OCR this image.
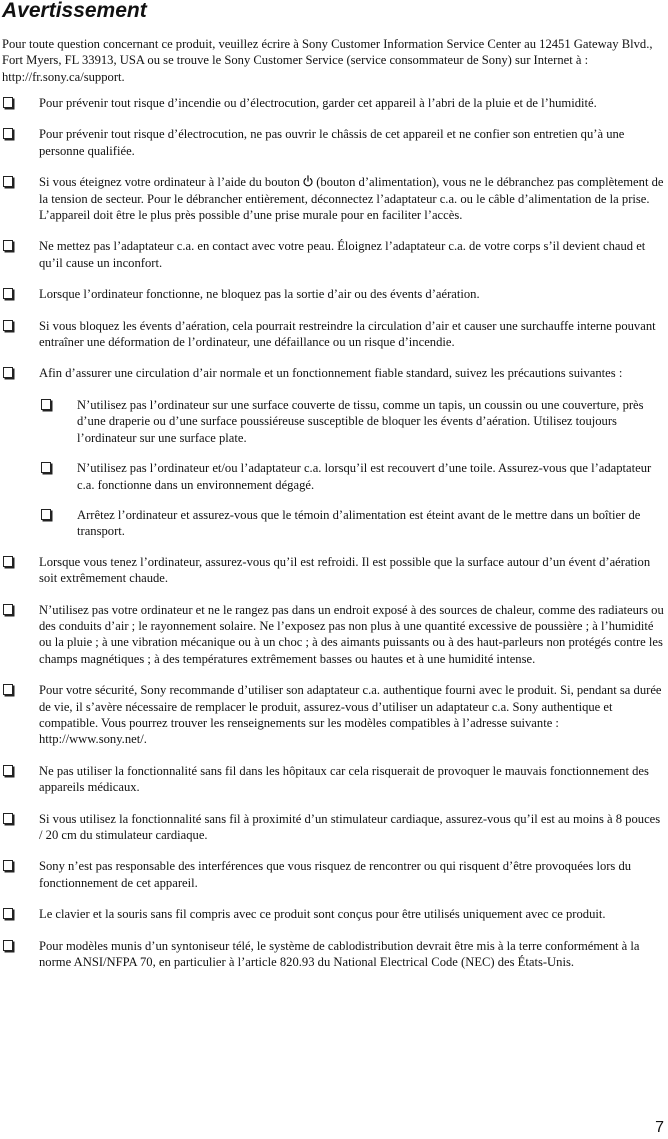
Avertissement

Pour toute question concernant ce produit, veuillez écrire à Sony Customer Information Service Center au 12451 Gateway Blvd., Fort Myers, FL 33913, USA ou se trouve le Sony Customer Service (service consommateur de Sony) sur Internet à : http://fr.sony.ca/support.

Pour prévenir tout risque d’incendie ou d’électrocution, garder cet appareil à l’abri de la pluie et de l’humidité.
Pour prévenir tout risque d’électrocution, ne pas ouvrir le châssis de cet appareil et ne confier son entretien qu’à une personne qualifiée.
Si vous éteignez votre ordinateur à l’aide du bouton (bouton d’alimentation), vous ne le débranchez pas complètement de la tension de secteur. Pour le débrancher entièrement, déconnectez l’adaptateur c.a. ou le câble d’alimentation de la prise. L’appareil doit être le plus près possible d’une prise murale pour en faciliter l’accès.
Ne mettez pas l’adaptateur c.a. en contact avec votre peau. Éloignez l’adaptateur c.a. de votre corps s’il devient chaud et qu’il cause un inconfort.
Lorsque l’ordinateur fonctionne, ne bloquez pas la sortie d’air ou des évents d’aération.
Si vous bloquez les évents d’aération, cela pourrait restreindre la circulation d’air et causer une surchauffe interne pouvant entraîner une déformation de l’ordinateur, une défaillance ou un risque d’incendie.
Afin d’assurer une circulation d’air normale et un fonctionnement fiable standard, suivez les précautions suivantes :
N’utilisez pas l’ordinateur sur une surface couverte de tissu, comme un tapis, un coussin ou une couverture, près d’une draperie ou d’une surface poussiéreuse susceptible de bloquer les évents d’aération. Utilisez toujours l’ordinateur sur une surface plate.
N’utilisez pas l’ordinateur et/ou l’adaptateur c.a. lorsqu’il est recouvert d’une toile. Assurez-vous que l’adaptateur c.a. fonctionne dans un environnement dégagé.
Arrêtez l’ordinateur et assurez-vous que le témoin d’alimentation est éteint avant de le mettre dans un boîtier de transport.
Lorsque vous tenez l’ordinateur, assurez-vous qu’il est refroidi. Il est possible que la surface autour d’un évent d’aération soit extrêmement chaude.
N’utilisez pas votre ordinateur et ne le rangez pas dans un endroit exposé à des sources de chaleur, comme des radiateurs ou des conduits d’air ; le rayonnement solaire. Ne l’exposez pas non plus à une quantité excessive de poussière ; à l’humidité ou la pluie ; à une vibration mécanique ou à un choc ; à des aimants puissants ou à des haut-parleurs non protégés contre les champs magnétiques ; à des températures extrêmement basses ou hautes et à une humidité intense.
Pour votre sécurité, Sony recommande d’utiliser son adaptateur c.a. authentique fourni avec le produit. Si, pendant sa durée de vie, il s’avère nécessaire de remplacer le produit, assurez-vous d’utiliser un adaptateur c.a. Sony authentique et compatible. Vous pourrez trouver les renseignements sur les modèles compatibles à l’adresse suivante : http://www.sony.net/.
Ne pas utiliser la fonctionnalité sans fil dans les hôpitaux car cela risquerait de provoquer le mauvais fonctionnement des appareils médicaux.
Si vous utilisez la fonctionnalité sans fil à proximité d’un stimulateur cardiaque, assurez-vous qu’il est au moins à 8 pouces / 20 cm du stimulateur cardiaque.
Sony n’est pas responsable des interférences que vous risquez de rencontrer ou qui risquent d’être provoquées lors du fonctionnement de cet appareil.
Le clavier et la souris sans fil compris avec ce produit sont conçus pour être utilisés uniquement avec ce produit.
Pour modèles munis d’un syntoniseur télé, le système de cablodistribution devrait être mis à la terre conformément à la norme ANSI/NFPA 70, en particulier à l’article 820.93 du National Electrical Code (NEC) des États-Unis.
7
